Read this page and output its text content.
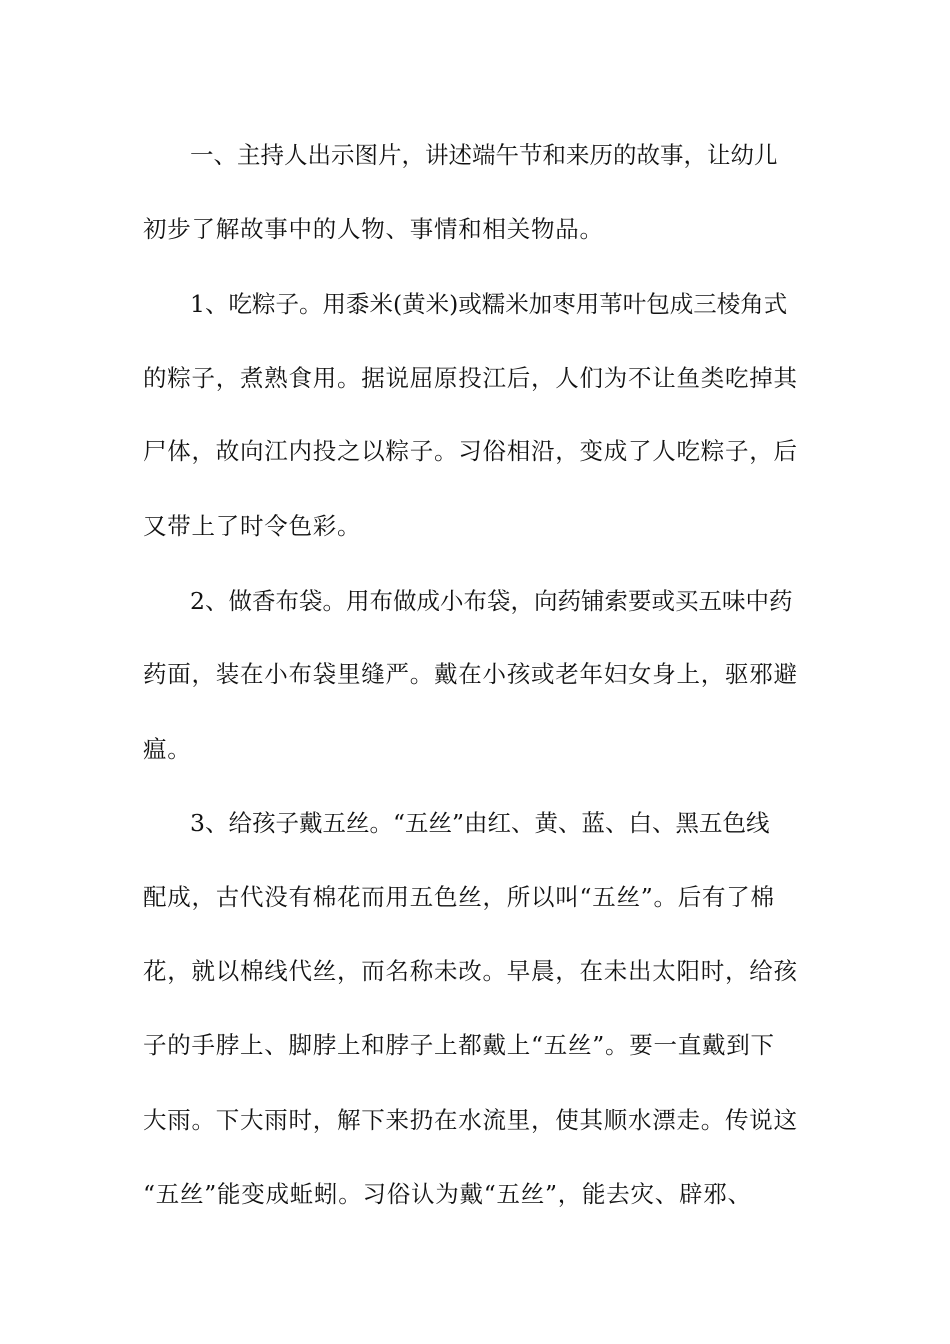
一、主持人出示图片，讲述端午节和来历的故事，让幼儿
初步了解故事中的人物、事情和相关物品。
1、吃粽子。用黍米(黄米)或糯米加枣用苇叶包成三棱角式
的粽子，煮熟食用。据说屈原投江后，人们为不让鱼类吃掉其
尸体，故向江内投之以粽子。习俗相沿，变成了人吃粽子，后
又带上了时令色彩。
2、做香布袋。用布做成小布袋，向药铺索要或买五味中药
药面，装在小布袋里缝严。戴在小孩或老年妇女身上，驱邪避
瘟。
3、给孩子戴五丝。“五丝”由红、黄、蓝、白、黑五色线
配成，古代没有棉花而用五色丝，所以叫“五丝”。后有了棉
花，就以棉线代丝，而名称未改。早晨，在未出太阳时，给孩
子的手脖上、脚脖上和脖子上都戴上“五丝”。要一直戴到下
大雨。下大雨时，解下来扔在水流里，使其顺水漂走。传说这
“五丝”能变成蚯蚓。习俗认为戴“五丝”，能去灾、辟邪、
